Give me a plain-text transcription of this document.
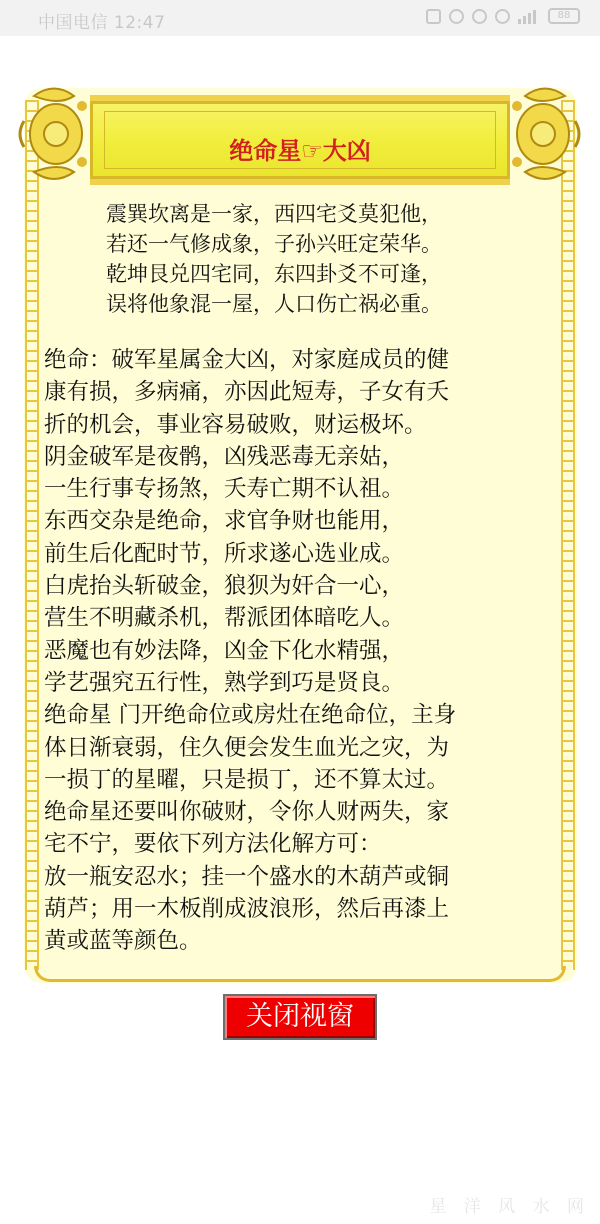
中国电信 12:47	88
绝命星☞大凶
震巽坎离是一家，西四宅爻莫犯他，
若还一气修成象，子孙兴旺定荣华。
乾坤艮兑四宅同，东四卦爻不可逢，
误将他象混一屋，人口伤亡祸必重。
绝命：破军星属金大凶，对家庭成员的健
康有损，多病痛，亦因此短寿，子女有夭
折的机会，事业容易破败，财运极坏。
阴金破军是夜鹘，凶残恶毒无亲姑，
一生行事专扬煞，夭寿亡期不认祖。
东西交杂是绝命，求官争财也能用，
前生后化配时节，所求遂心选业成。
白虎抬头斩破金，狼狈为奸合一心，
营生不明藏杀机，帮派团体暗吃人。
恶魔也有妙法降，凶金下化水精强，
学艺强究五行性，熟学到巧是贤良。
绝命星 门开绝命位或房灶在绝命位，主身
体日渐衰弱，住久便会发生血光之灾，为
一损丁的星曜，只是损丁，还不算太过。
绝命星还要叫你破财，令你人财两失，家
宅不宁，要依下列方法化解方可：
放一瓶安忍水；挂一个盛水的木葫芦或铜
葫芦；用一木板削成波浪形，然后再漆上
黄或蓝等颜色。
关闭视窗
星 洋 风 水 网
